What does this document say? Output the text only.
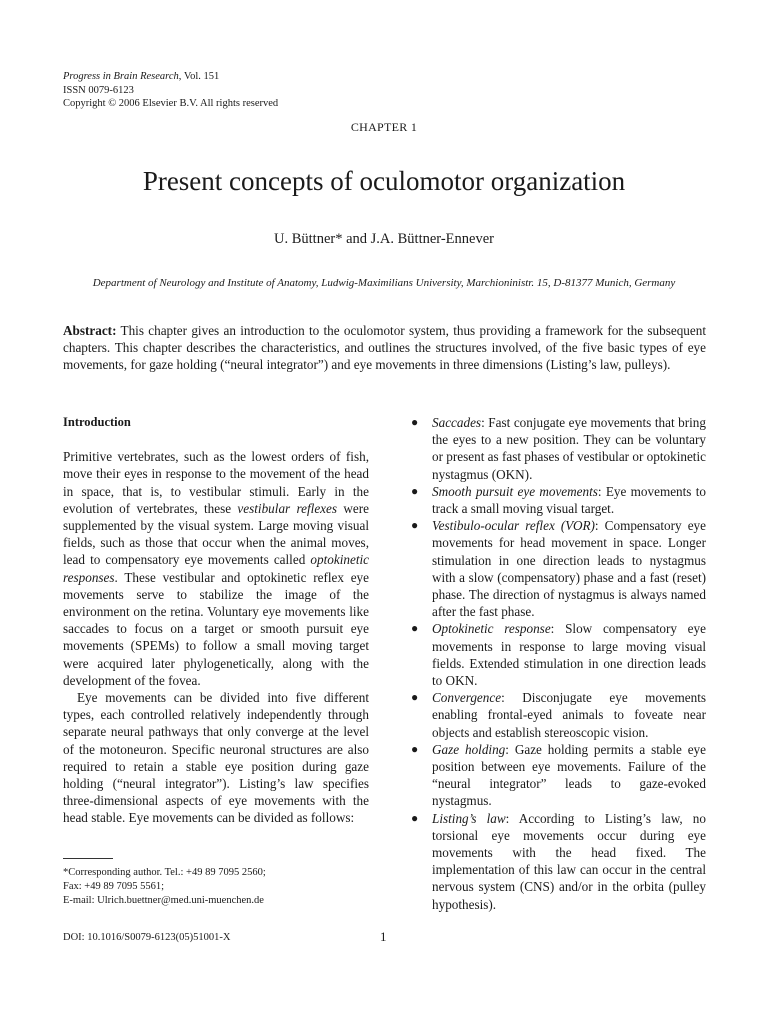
Progress in Brain Research, Vol. 151
ISSN 0079-6123
Copyright © 2006 Elsevier B.V. All rights reserved
CHAPTER 1
Present concepts of oculomotor organization
U. Büttner* and J.A. Büttner-Ennever
Department of Neurology and Institute of Anatomy, Ludwig-Maximilians University, Marchioninistr. 15, D-81377 Munich, Germany
Abstract: This chapter gives an introduction to the oculomotor system, thus providing a framework for the subsequent chapters. This chapter describes the characteristics, and outlines the structures involved, of the five basic types of eye movements, for gaze holding (“neural integrator”) and eye movements in three dimensions (Listing’s law, pulleys).
Introduction

Primitive vertebrates, such as the lowest orders of fish, move their eyes in response to the movement of the head in space, that is, to vestibular stimuli. Early in the evolution of vertebrates, these vestibular reflexes were supplemented by the visual system. Large moving visual fields, such as those that occur when the animal moves, lead to compensatory eye movements called optokinetic responses. These vestibular and optokinetic reflex eye movements serve to stabilize the image of the environment on the retina. Voluntary eye movements like saccades to focus on a target or smooth pursuit eye movements (SPEMs) to follow a small moving target were acquired later phylogenetically, along with the development of the fovea.

Eye movements can be divided into five different types, each controlled relatively independently through separate neural pathways that only converge at the level of the motoneuron. Specific neuronal structures are also required to retain a stable eye position during gaze holding (“neural integrator”). Listing’s law specifies three-dimensional aspects of eye movements with the head stable. Eye movements can be divided as follows:

*Corresponding author. Tel.: +49 89 7095 2560;
Fax: +49 89 7095 5561;
E-mail: Ulrich.buettner@med.uni-muenchen.de
● Saccades: Fast conjugate eye movements that bring the eyes to a new position. They can be voluntary or present as fast phases of vestibular or optokinetic nystagmus (OKN).
● Smooth pursuit eye movements: Eye movements to track a small moving visual target.
● Vestibulo-ocular reflex (VOR): Compensatory eye movements for head movement in space. Longer stimulation in one direction leads to nystagmus with a slow (compensatory) phase and a fast (reset) phase. The direction of nystagmus is always named after the fast phase.
● Optokinetic response: Slow compensatory eye movements in response to large moving visual fields. Extended stimulation in one direction leads to OKN.
● Convergence: Disconjugate eye movements enabling frontal-eyed animals to foveate near objects and establish stereoscopic vision.
● Gaze holding: Gaze holding permits a stable eye position between eye movements. Failure of the “neural integrator” leads to gaze-evoked nystagmus.
● Listing’s law: According to Listing’s law, no torsional eye movements occur during eye movements with the head fixed. The implementation of this law can occur in the central nervous system (CNS) and/or in the orbita (pulley hypothesis).
DOI: 10.1016/S0079-6123(05)51001-X	1
